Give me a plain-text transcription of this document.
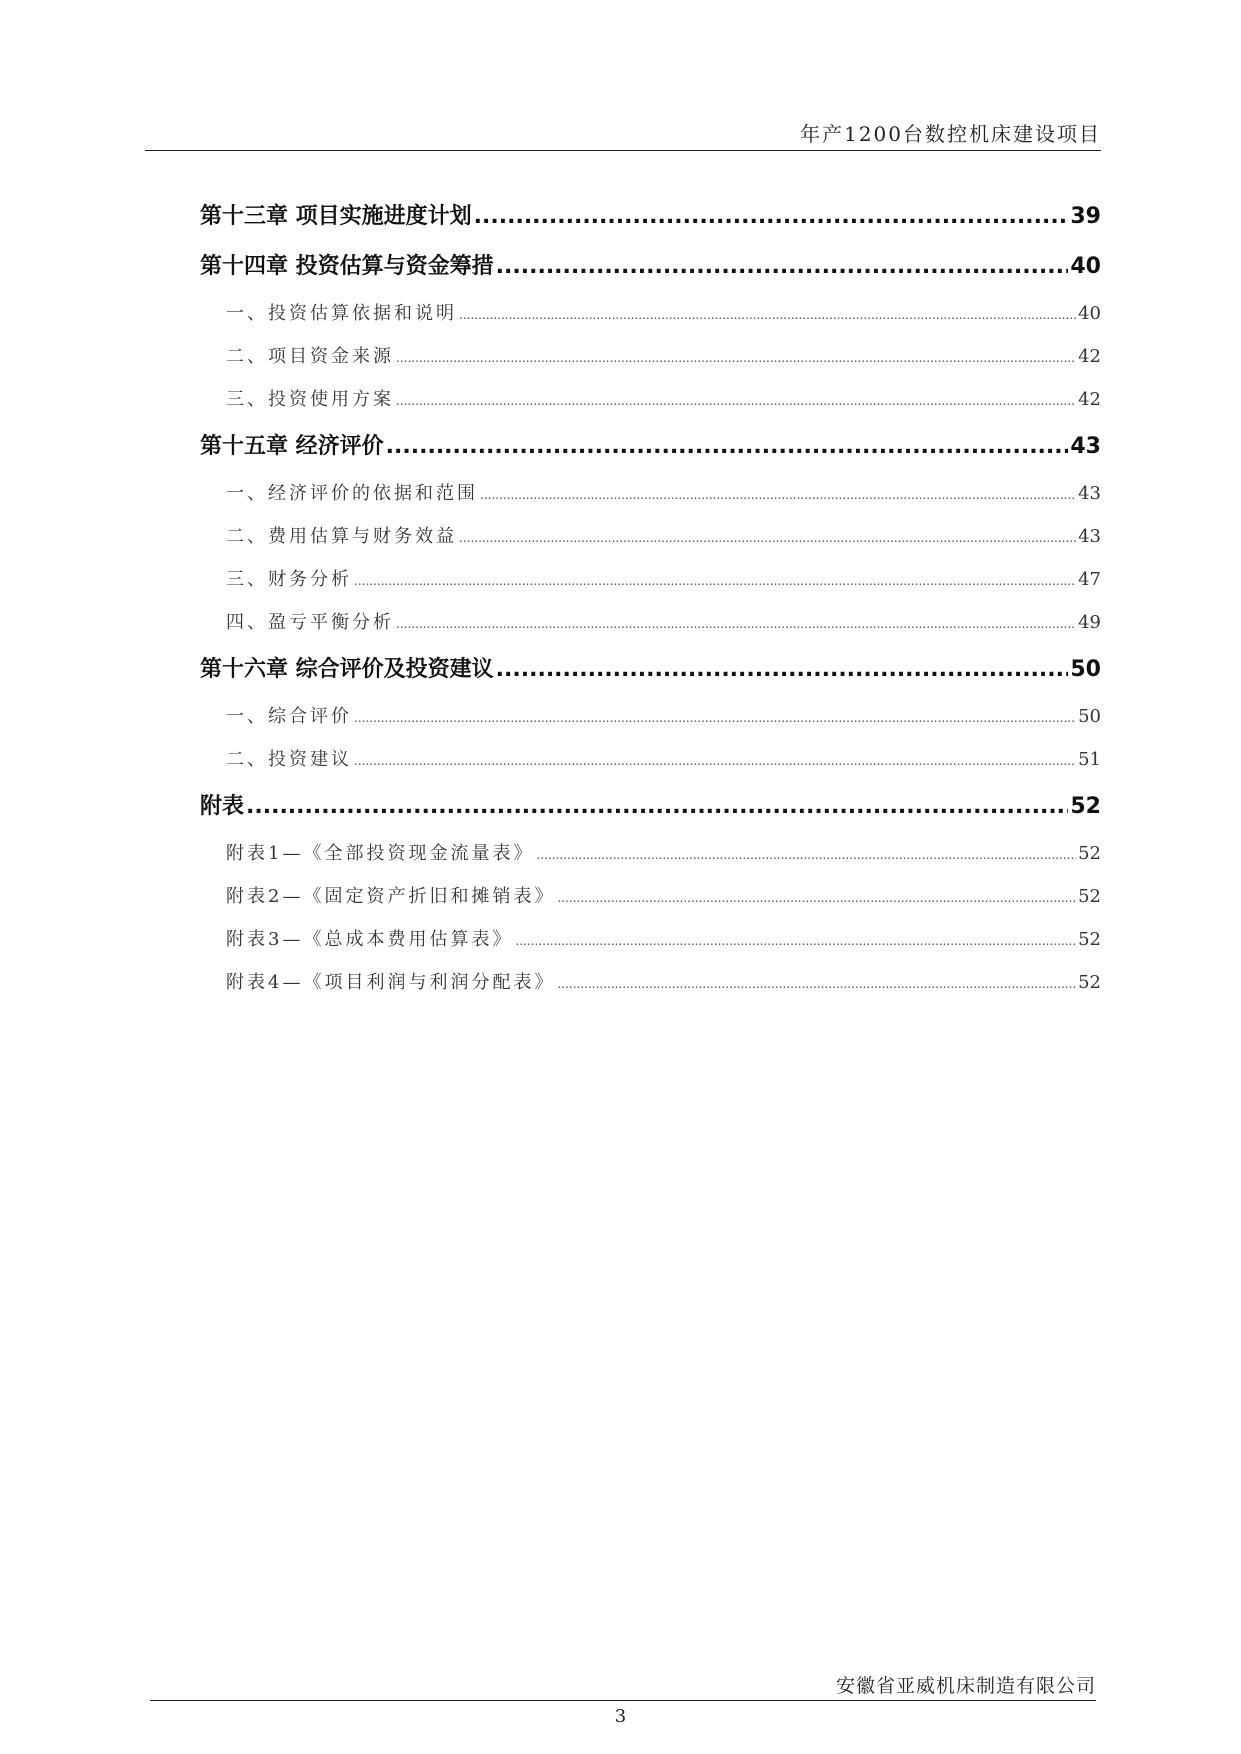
年产1200台数控机床建设项目
第十三章 项目实施进度计划 .....	39
第十四章 投资估算与资金筹措 .....	40
一、投资估算依据和说明 .....	40
二、项目资金来源 .....	42
三、投资使用方案 .....	42
第十五章 经济评价 .....	43
一、经济评价的依据和范围 .....	43
二、费用估算与财务效益 .....	43
三、财务分析 .....	47
四、盈亏平衡分析 .....	49
第十六章 综合评价及投资建议 .....	50
一、综合评价 .....	50
二、投资建议 .....	51
附表 .....	52
附表1—《全部投资现金流量表》 .....	52
附表2—《固定资产折旧和摊销表》 .....	52
附表3—《总成本费用估算表》 .....	52
附表4—《项目利润与利润分配表》 .....	52
安徽省亚威机床制造有限公司
3
